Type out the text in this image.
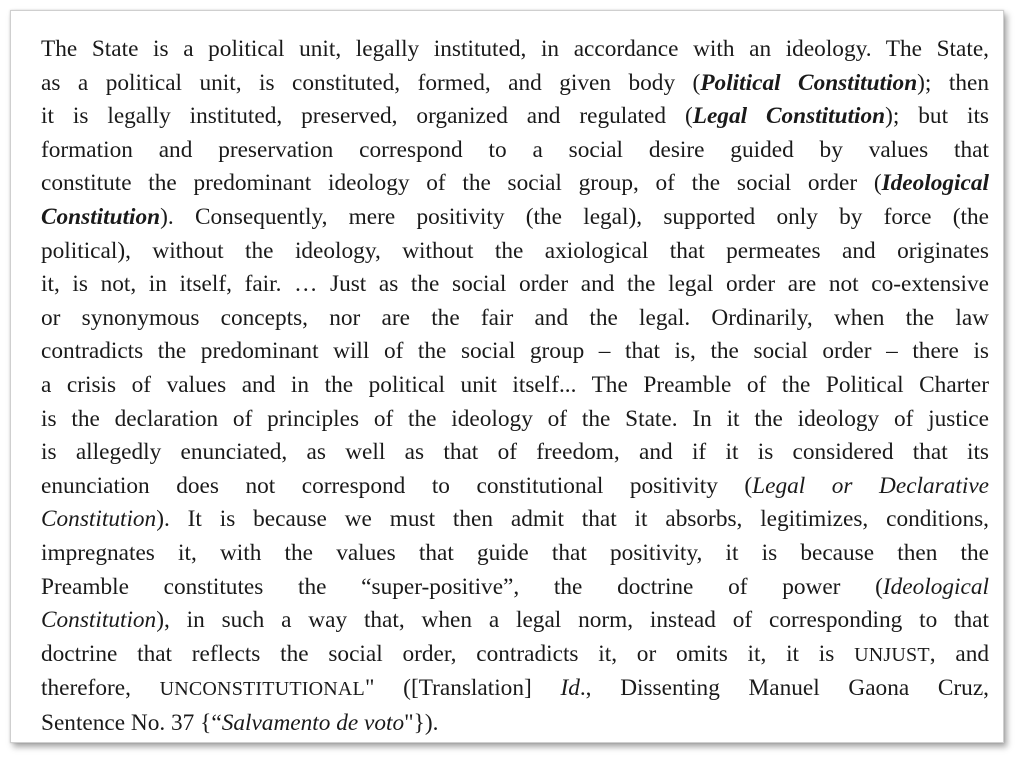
The State is a political unit, legally instituted, in accordance with an ideology. The State,
as a political unit, is constituted, formed, and given body (Political Constitution); then
it is legally instituted, preserved, organized and regulated (Legal Constitution); but its
formation and preservation correspond to a social desire guided by values that
constitute the predominant ideology of the social group, of the social order (Ideological
Constitution). Consequently, mere positivity (the legal), supported only by force (the
political), without the ideology, without the axiological that permeates and originates
it, is not, in itself, fair. … Just as the social order and the legal order are not co-extensive
or synonymous concepts, nor are the fair and the legal. Ordinarily, when the law
contradicts the predominant will of the social group – that is, the social order – there is
a crisis of values and in the political unit itself... The Preamble of the Political Charter
is the declaration of principles of the ideology of the State. In it the ideology of justice
is allegedly enunciated, as well as that of freedom, and if it is considered that its
enunciation does not correspond to constitutional positivity (Legal or Declarative
Constitution). It is because we must then admit that it absorbs, legitimizes, conditions,
impregnates it, with the values that guide that positivity, it is because then the
Preamble constitutes the “super-positive”, the doctrine of power (Ideological
Constitution), in such a way that, when a legal norm, instead of corresponding to that
doctrine that reflects the social order, contradicts it, or omits it, it is UNJUST, and
therefore, UNCONSTITUTIONAL" ([Translation] Id., Dissenting Manuel Gaona Cruz,
Sentence No. 37 {“Salvamento de voto"}).
